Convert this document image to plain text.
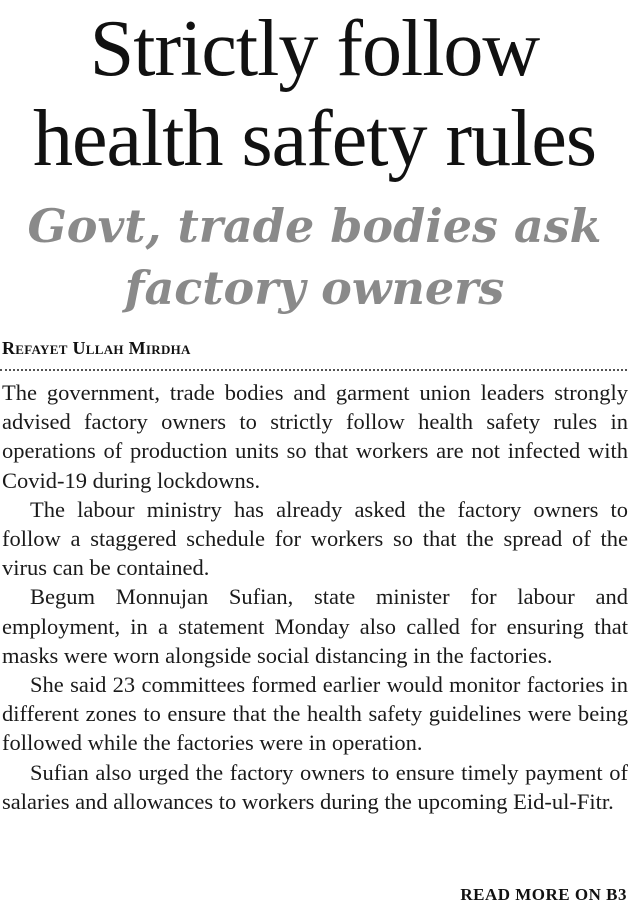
Strictly follow
health safety rules
Govt, trade bodies ask
factory owners
Refayet Ullah Mirdha

The government, trade bodies and garment union leaders strongly advised factory owners to strictly follow health safety rules in operations of production units so that workers are not infected with Covid-19 during lockdowns.

The labour ministry has already asked the factory owners to follow a staggered schedule for workers so that the spread of the virus can be contained.

Begum Monnujan Sufian, state minister for labour and employment, in a statement Monday also called for ensuring that masks were worn alongside social distancing in the factories.

She said 23 committees formed earlier would monitor factories in different zones to ensure that the health safety guidelines were being followed while the factories were in operation.

Sufian also urged the factory owners to ensure timely payment of salaries and allowances to workers during the upcoming Eid-ul-Fitr.

READ MORE ON B3
